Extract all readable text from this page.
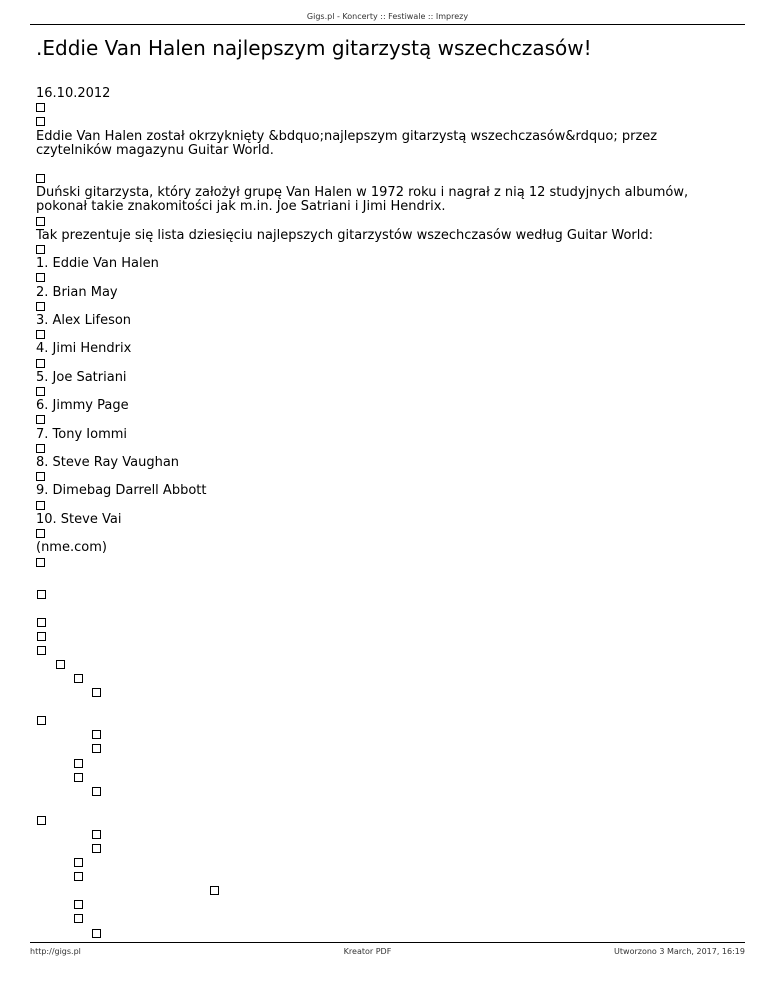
Gigs.pl - Koncerty :: Festiwale :: Imprezy
.Eddie Van Halen najlepszym gitarzystą wszechczasów!

16.10.2012

Eddie Van Halen został okrzyknięty &bdquo;najlepszym gitarzystą wszechczasów&rdquo; przez czytelników magazynu Guitar World.

Duński gitarzysta, który założył grupę Van Halen w 1972 roku i nagrał z nią 12 studyjnych albumów, pokonał takie znakomitości jak m.in. Joe Satriani i Jimi Hendrix.

Tak prezentuje się lista dziesięciu najlepszych gitarzystów wszechczasów według Guitar World:

1. Eddie Van Halen

2. Brian May

3. Alex Lifeson

4. Jimi Hendrix

5. Joe Satriani

6. Jimmy Page

7. Tony Iommi

8. Steve Ray Vaughan

9. Dimebag Darrell Abbott

10. Steve Vai

(nme.com)

http://gigs.pl	Kreator PDF	Utworzono 3 March, 2017, 16:19
